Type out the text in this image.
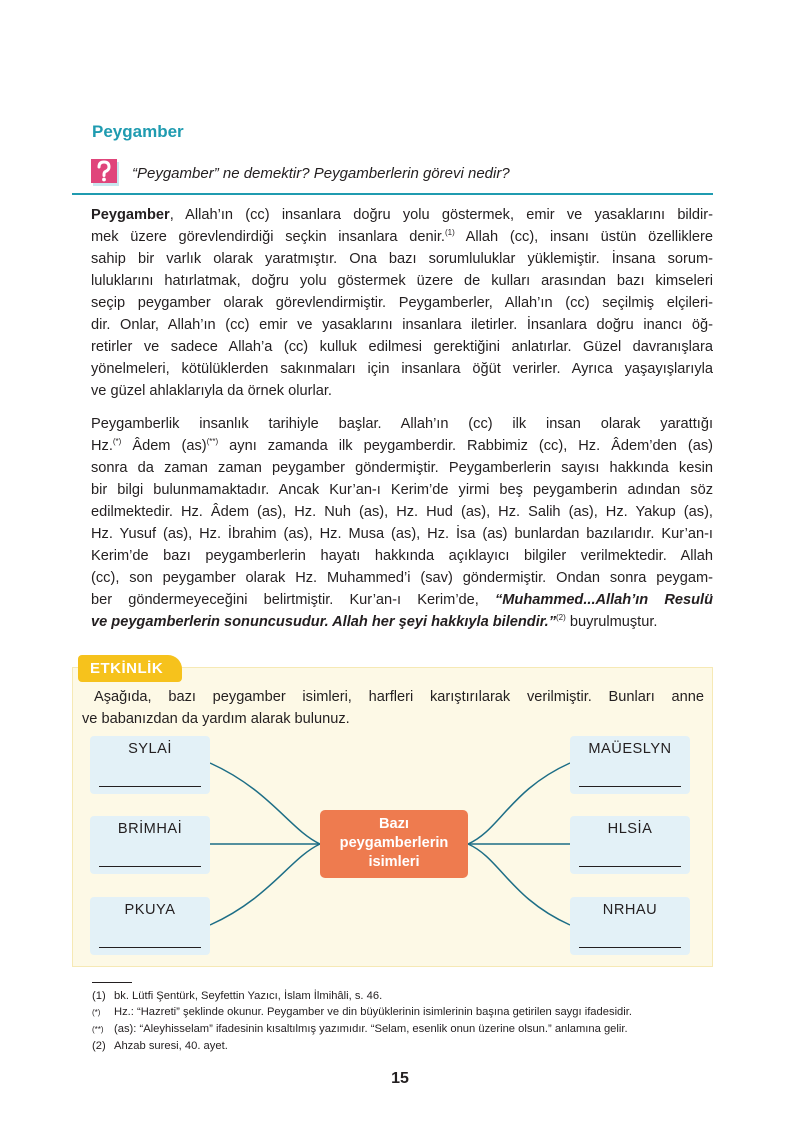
Peygamber
“Peygamber” ne demektir? Peygamberlerin görevi nedir?
Peygamber, Allah’ın (cc) insanlara doğru yolu göstermek, emir ve yasaklarını bildir-
mek üzere görevlendirdiği seçkin insanlara denir.$^{(1)}$ Allah (cc), insanı üstün özelliklere
sahip bir varlık olarak yaratmıştır. Ona bazı sorumluluklar yüklemiştir. İnsana sorum-
luluklarını hatırlatmak, doğru yolu göstermek üzere de kulları arasından bazı kimseleri
seçip peygamber olarak görevlendirmiştir. Peygamberler, Allah’ın (cc) seçilmiş elçileri-
dir. Onlar, Allah’ın (cc) emir ve yasaklarını insanlara iletirler. İnsanlara doğru inancı öğ-
retirler ve sadece Allah’a (cc) kulluk edilmesi gerektiğini anlatırlar. Güzel davranışlara
yönelmeleri, kötülüklerden sakınmaları için insanlara öğüt verirler. Ayrıca yaşayışlarıyla
ve güzel ahlaklarıyla da örnek olurlar.
Peygamberlik insanlık tarihiyle başlar. Allah’ın (cc) ilk insan olarak yarattığı
Hz.(*) Âdem (as)(**) aynı zamanda ilk peygamberdir. Rabbimiz (cc), Hz. Âdem’den (as)
sonra da zaman zaman peygamber göndermiştir. Peygamberlerin sayısı hakkında kesin
bir bilgi bulunmamaktadır. Ancak Kur’an-ı Kerim’de yirmi beş peygamberin adından söz
edilmektedir. Hz. Âdem (as), Hz. Nuh (as), Hz. Hud (as), Hz. Salih (as), Hz. Yakup (as),
Hz. Yusuf (as), Hz. İbrahim (as), Hz. Musa (as), Hz. İsa (as) bunlardan bazılarıdır. Kur’an-ı
Kerim’de bazı peygamberlerin hayatı hakkında açıklayıcı bilgiler verilmektedir. Allah
(cc), son peygamber olarak Hz. Muhammed’i (sav) göndermiştir. Ondan sonra peygam-
ber göndermeyeceğini belirtmiştir. Kur’an-ı Kerim’de, “Muhammed...Allah’ın Resulü
ve peygamberlerin sonuncusudur. Allah her şeyi hakkıyla bilendir.”$^{(2)}$ buyrulmuştur.
ETKİNLİK
Aşağıda, bazı peygamber isimleri, harfleri karıştırılarak verilmiştir. Bunları anne
ve babanızdan da yardım alarak bulunuz.
SYLAİ
BRİMHAİ
PKUYA
MAÜESLYN
HLSİA
NRHAU
Bazı
peygamberlerin
isimleri
(1) bk. Lütfi Şentürk, Seyfettin Yazıcı, İslam İlmihâli, s. 46.
(*) Hz.: “Hazreti” şeklinde okunur. Peygamber ve din büyüklerinin isimlerinin başına getirilen saygı ifadesidir.
(**) (as): “Aleyhisselam” ifadesinin kısaltılmış yazımıdır. “Selam, esenlik onun üzerine olsun.” anlamına gelir.
(2) Ahzab suresi, 40. ayet.
15
